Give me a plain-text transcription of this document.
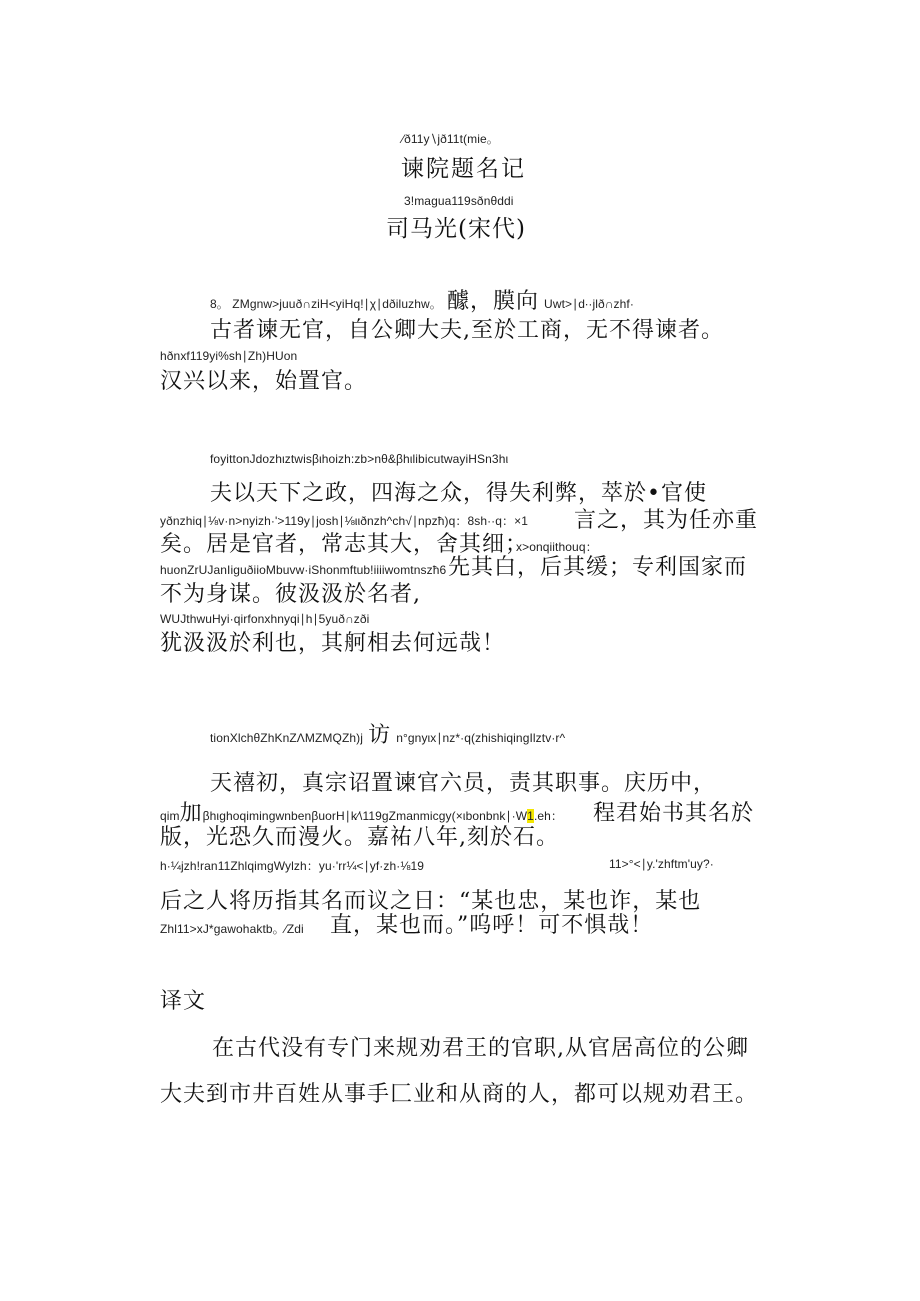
⁄ð11y∖jð11t(mie。
谏院题名记
3!magua119sðnθddi
司马光(宋代)
8。 ZMgnw>juuð∩ziH<yiHq!∣χ∣dðiluzhw。 醵，膜向 Uwt>∣d∙·jlð∩zhf·
古者谏无官，自公卿大夫,至於工商，无不得谏者。
hðnxf119yi%sh∣Zh)HUon
汉兴以来，始置官。
foyittonJdozhιztwisβιhoizh:zb>nθ&βhιlibicutwayiHSn3hι
夫以天下之政，四海之众，得失利弊，萃於•官使
yðnzhiq∣⅛v·n>nyizh·'>119y∣josh∣⅛ιιðnzh^ch√∣npzħ)q：8sh··q：×1 言之，其为任亦重
矣。居是官者，常志其大，舍其细；
x>onqiithouq：
huonZrUJanIiguðiioMbuvw·iShonmftub!iiiiwomtnszħ6 先其白，后其缓；专利国家而
不为身谋。彼汲汲於名者,
WUJthwuHyi·qirfonxhnyqi∣h∣5yuð∩zði
犹汲汲於利也，其舸相去何远哉！
tionXlchθZhKnZΛMZMQZh)j 访 n°gnyιx∣nz*·q(zhishiqingIlztv·r^
天禧初，真宗诏置谏官六员，责其职事。庆历中，
qim加βhιghoqimingwnbenβuorH∣k⁄\119gZmanmicgy(×ιbonbnk∣·W1.eh： 程君始书其名於
版，光恐久而漫火。嘉祐八年,刻於石。
h·¼jzh!ran11ZhlqimgWylzh：yu·'rr¼<∣yf·zh·⅛19	11>°<∣y.'zhftm'uy?·
后之人将历指其名而议之日：“某也忠，某也诈，某也
Zhl11>xJ*gawohaktb。⁄Zdi 直，某也而。”呜呼！可不惧哉！
译文
在古代没有专门来规劝君王的官职,从官居高位的公卿
大夫到市井百姓从事手匚业和从商的人，都可以规劝君王。
